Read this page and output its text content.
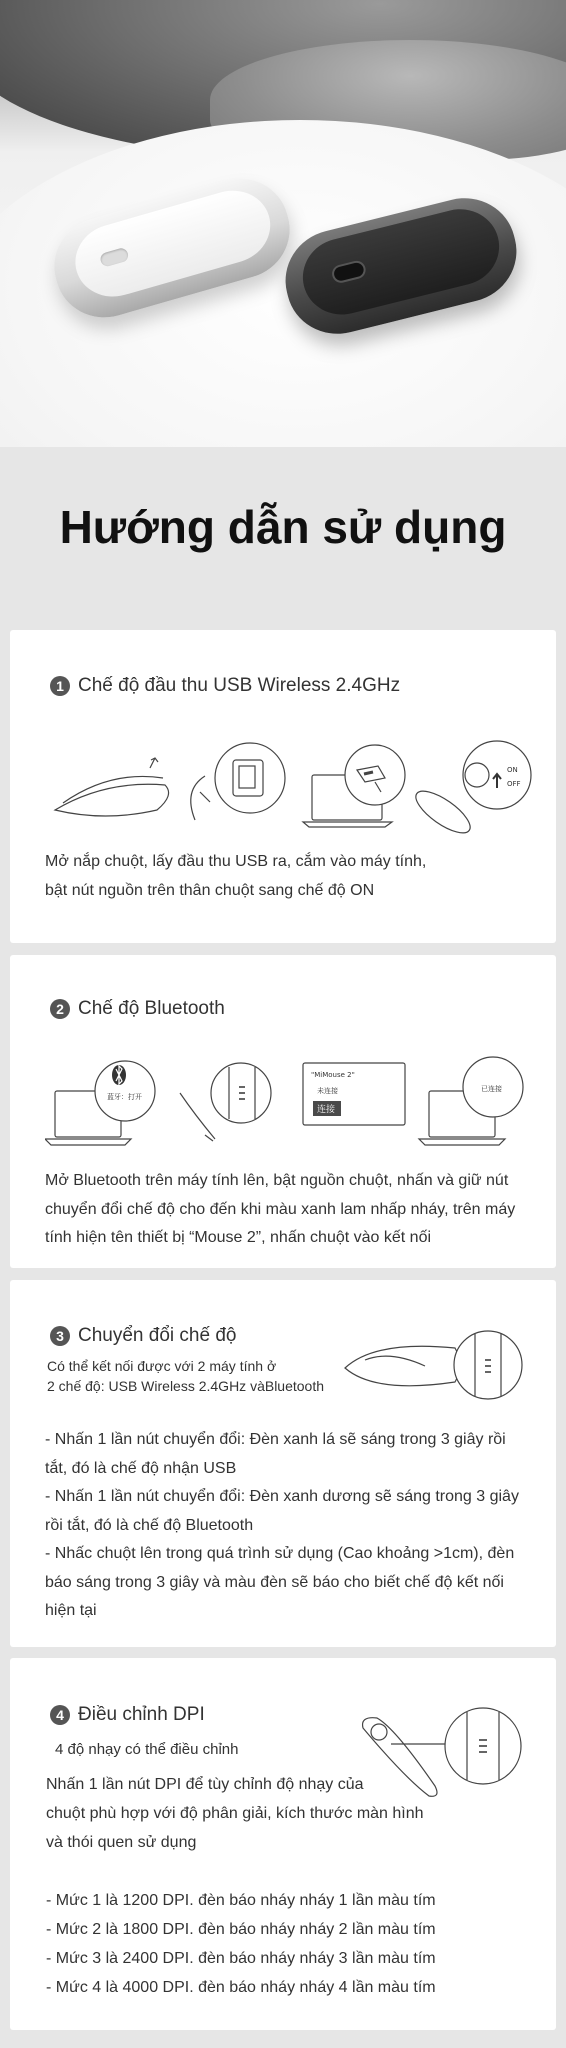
Hướng dẫn sử dụng
1 Chế độ đầu thu USB Wireless 2.4GHz
ON
OFF

Mở nắp chuột, lấy đầu thu USB ra, cắm vào máy tính,
bật nút nguồn trên thân chuột sang chế độ ON

2 Chế độ Bluetooth
蓝牙：打开
"MiMouse 2"
未连接
连接
已连接

Mở Bluetooth trên máy tính lên, bật nguồn chuột, nhấn và giữ nút
chuyển đổi chế độ cho đến khi màu xanh lam nhấp nháy, trên máy
tính hiện tên thiết bị “Mouse 2”, nhấn chuột vào kết nối

3 Chuyển đổi chế độ

Có thể kết nối được với 2 máy tính ở
2 chế độ: USB Wireless 2.4GHz vàBluetooth

- Nhấn 1 lần nút chuyển đổi: Đèn xanh lá sẽ sáng trong 3 giây rồi
tắt, đó là chế độ nhận USB
- Nhấn 1 lần nút chuyển đổi: Đèn xanh dương sẽ sáng trong 3 giây
rồi tắt, đó là chế độ Bluetooth
- Nhấc chuột lên trong quá trình sử dụng (Cao khoảng >1cm), đèn
báo sáng trong 3 giây và màu đèn sẽ báo cho biết chế độ kết nối
hiện tại

4 Điều chỉnh DPI

4 độ nhạy có thể điều chỉnh

Nhấn 1 lần nút DPI để tùy chỉnh độ nhạy của
chuột phù hợp với độ phân giải, kích thước màn hình
và thói quen sử dụng

- Mức 1 là 1200 DPI. đèn báo nháy nháy 1 lần màu tím
- Mức 2 là 1800 DPI. đèn báo nháy nháy 2 lần màu tím
- Mức 3 là 2400 DPI. đèn báo nháy nháy 3 lần màu tím
- Mức 4 là 4000 DPI. đèn báo nháy nháy 4 lần màu tím
